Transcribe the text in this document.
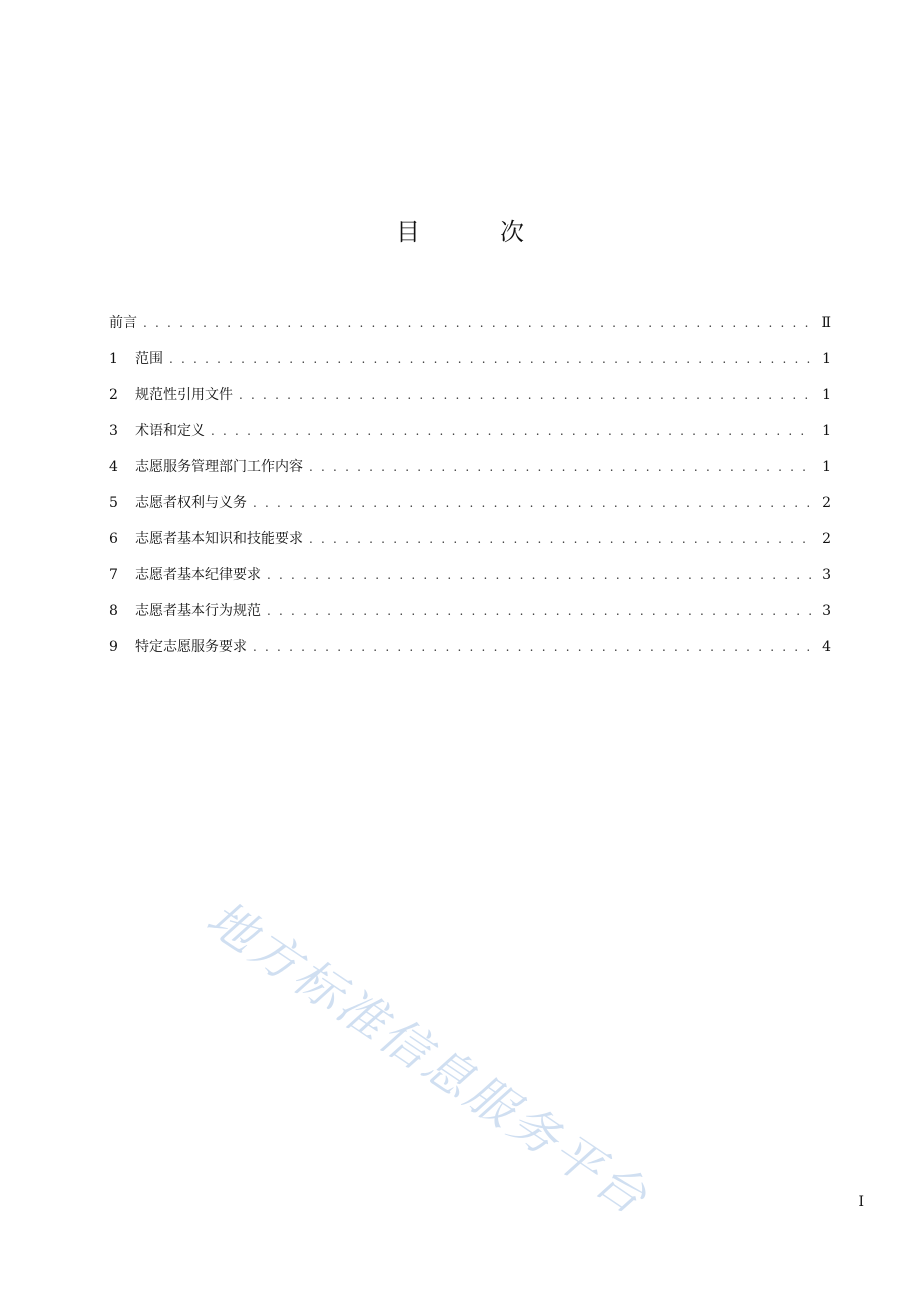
目　次
前言 . . .	Ⅱ
1	范围 . . .	1
2	规范性引用文件 . . .	1
3	术语和定义 . . .	1
4	志愿服务管理部门工作内容 . . .	1
5	志愿者权利与义务 . . .	2
6	志愿者基本知识和技能要求 . . .	2
7	志愿者基本纪律要求 . . .	3
8	志愿者基本行为规范 . . .	3
9	特定志愿服务要求 . . .	4
地方标准信息服务平台	I
